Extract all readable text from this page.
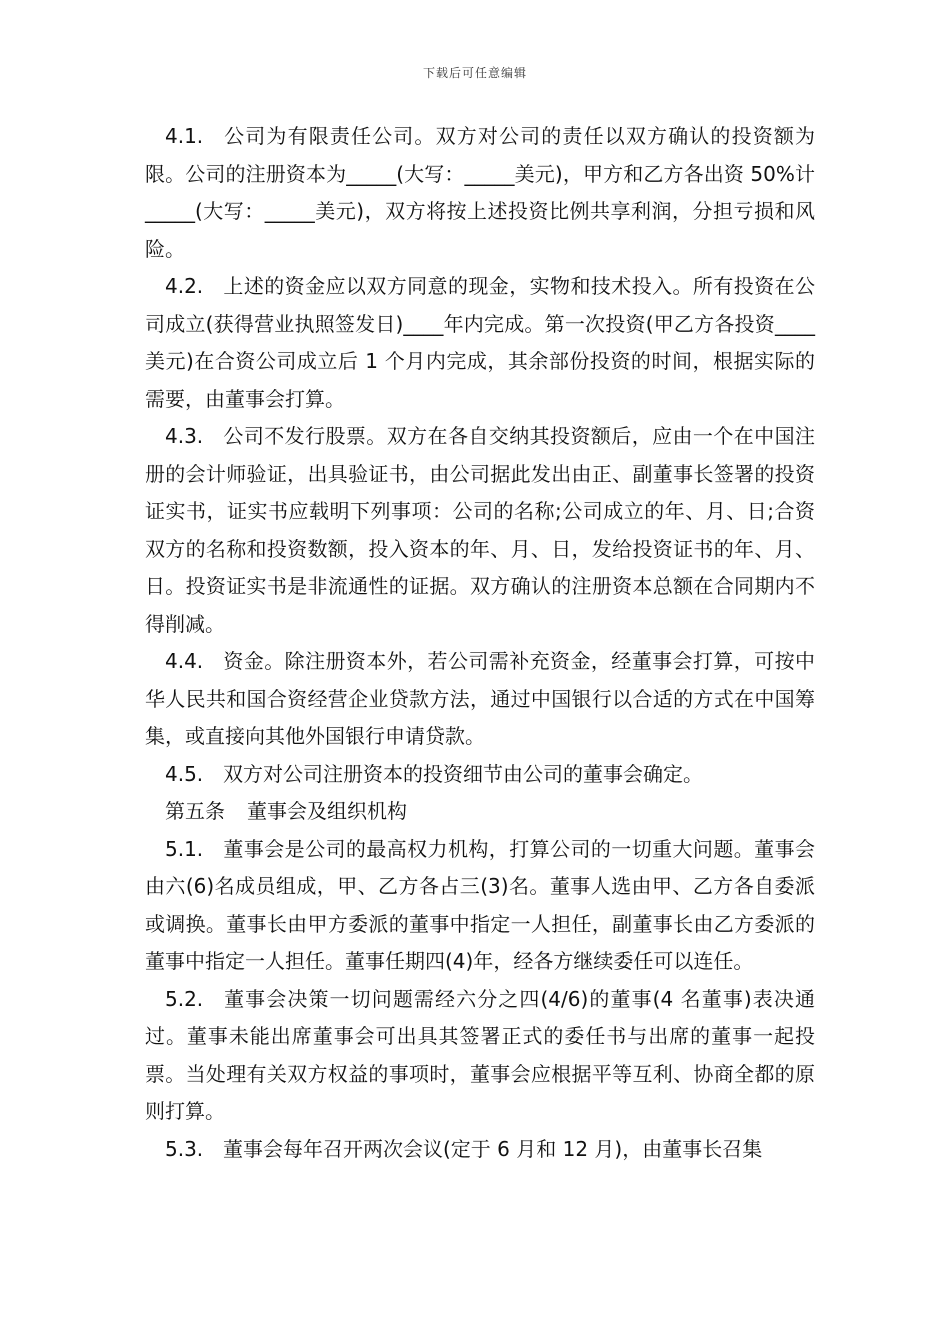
下载后可任意编辑

4.1. 公司为有限责任公司。双方对公司的责任以双方确认的投资额为限。公司的注册资本为_____(大写：_____美元)，甲方和乙方各出资 50%计_____(大写：_____美元)，双方将按上述投资比例共享利润，分担亏损和风险。

4.2. 上述的资金应以双方同意的现金，实物和技术投入。所有投资在公司成立(获得营业执照签发日)____年内完成。第一次投资(甲乙方各投资____美元)在合资公司成立后 1 个月内完成，其余部份投资的时间，根据实际的需要，由董事会打算。

4.3. 公司不发行股票。双方在各自交纳其投资额后，应由一个在中国注册的会计师验证，出具验证书，由公司据此发出由正、副董事长签署的投资证实书，证实书应载明下列事项：公司的名称;公司成立的年、月、日;合资双方的名称和投资数额，投入资本的年、月、日，发给投资证书的年、月、日。投资证实书是非流通性的证据。双方确认的注册资本总额在合同期内不得削减。

4.4. 资金。除注册资本外，若公司需补充资金，经董事会打算，可按中华人民共和国合资经营企业贷款方法，通过中国银行以合适的方式在中国筹集，或直接向其他外国银行申请贷款。

4.5. 双方对公司注册资本的投资细节由公司的董事会确定。

第五条 董事会及组织机构

5.1. 董事会是公司的最高权力机构，打算公司的一切重大问题。董事会由六(6)名成员组成，甲、乙方各占三(3)名。董事人选由甲、乙方各自委派或调换。董事长由甲方委派的董事中指定一人担任，副董事长由乙方委派的董事中指定一人担任。董事任期四(4)年，经各方继续委任可以连任。

5.2. 董事会决策一切问题需经六分之四(4/6)的董事(4 名董事)表决通过。董事未能出席董事会可出具其签署正式的委任书与出席的董事一起投票。当处理有关双方权益的事项时，董事会应根据平等互利、协商全都的原则打算。

5.3. 董事会每年召开两次会议(定于 6 月和 12 月)，由董事长召集
